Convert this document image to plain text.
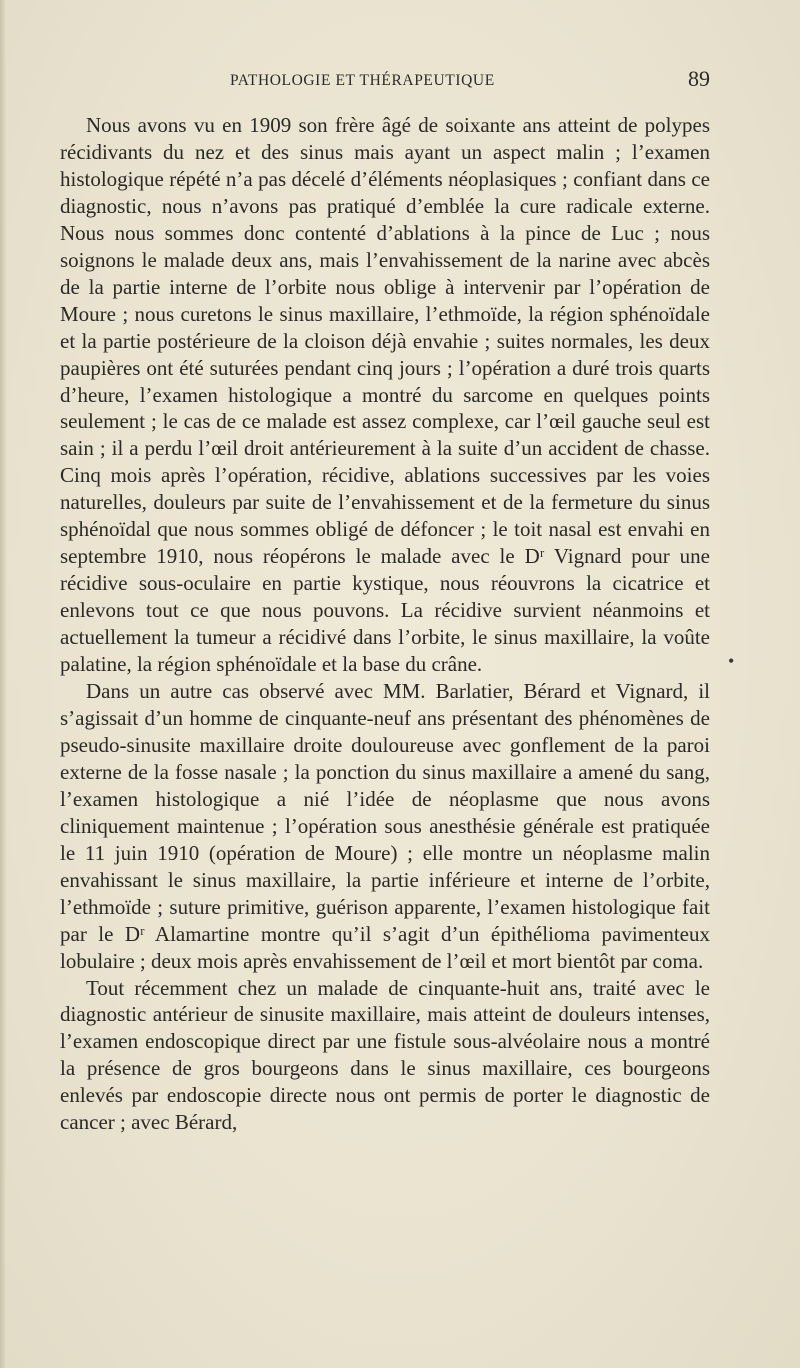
PATHOLOGIE ET THÉRAPEUTIQUE	89

Nous avons vu en 1909 son frère âgé de soixante ans atteint de polypes récidivants du nez et des sinus mais ayant un aspect malin ; l’examen histologique répété n’a pas décelé d’éléments néoplasiques ; confiant dans ce diagnostic, nous n’avons pas pratiqué d’emblée la cure radicale externe. Nous nous sommes donc contenté d’ablations à la pince de Luc ; nous soignons le malade deux ans, mais l’envahissement de la narine avec abcès de la partie interne de l’orbite nous oblige à intervenir par l’opération de Moure ; nous curetons le sinus maxillaire, l’ethmoïde, la région sphénoïdale et la partie postérieure de la cloison déjà envahie ; suites normales, les deux paupières ont été suturées pendant cinq jours ; l’opération a duré trois quarts d’heure, l’examen histologique a montré du sarcome en quelques points seulement ; le cas de ce malade est assez complexe, car l’œil gauche seul est sain ; il a perdu l’œil droit antérieurement à la suite d’un accident de chasse. Cinq mois après l’opération, récidive, ablations successives par les voies naturelles, douleurs par suite de l’envahissement et de la fermeture du sinus sphénoïdal que nous sommes obligé de défoncer ; le toit nasal est envahi en septembre 1910, nous réopérons le malade avec le Dʳ Vignard pour une récidive sous-oculaire en partie kystique, nous réouvrons la cicatrice et enlevons tout ce que nous pouvons. La récidive survient néanmoins et actuellement la tumeur a récidivé dans l’orbite, le sinus maxillaire, la voûte palatine, la région sphénoïdale et la base du crâne.

Dans un autre cas observé avec MM. Barlatier, Bérard et Vignard, il s’agissait d’un homme de cinquante-neuf ans présentant des phénomènes de pseudo-sinusite maxillaire droite douloureuse avec gonflement de la paroi externe de la fosse nasale ; la ponction du sinus maxillaire a amené du sang, l’examen histologique a nié l’idée de néoplasme que nous avons cliniquement maintenue ; l’opération sous anesthésie générale est pratiquée le 11 juin 1910 (opération de Moure) ; elle montre un néoplasme malin envahissant le sinus maxillaire, la partie inférieure et interne de l’orbite, l’ethmoïde ; suture primitive, guérison apparente, l’examen histologique fait par le Dʳ Alamartine montre qu’il s’agit d’un épithélioma pavimenteux lobulaire ; deux mois après envahissement de l’œil et mort bientôt par coma.

Tout récemment chez un malade de cinquante-huit ans, traité avec le diagnostic antérieur de sinusite maxillaire, mais atteint de douleurs intenses, l’examen endoscopique direct par une fistule sous-alvéolaire nous a montré la présence de gros bourgeons dans le sinus maxillaire, ces bourgeons enlevés par endoscopie directe nous ont permis de porter le diagnostic de cancer ; avec Bérard,

•
